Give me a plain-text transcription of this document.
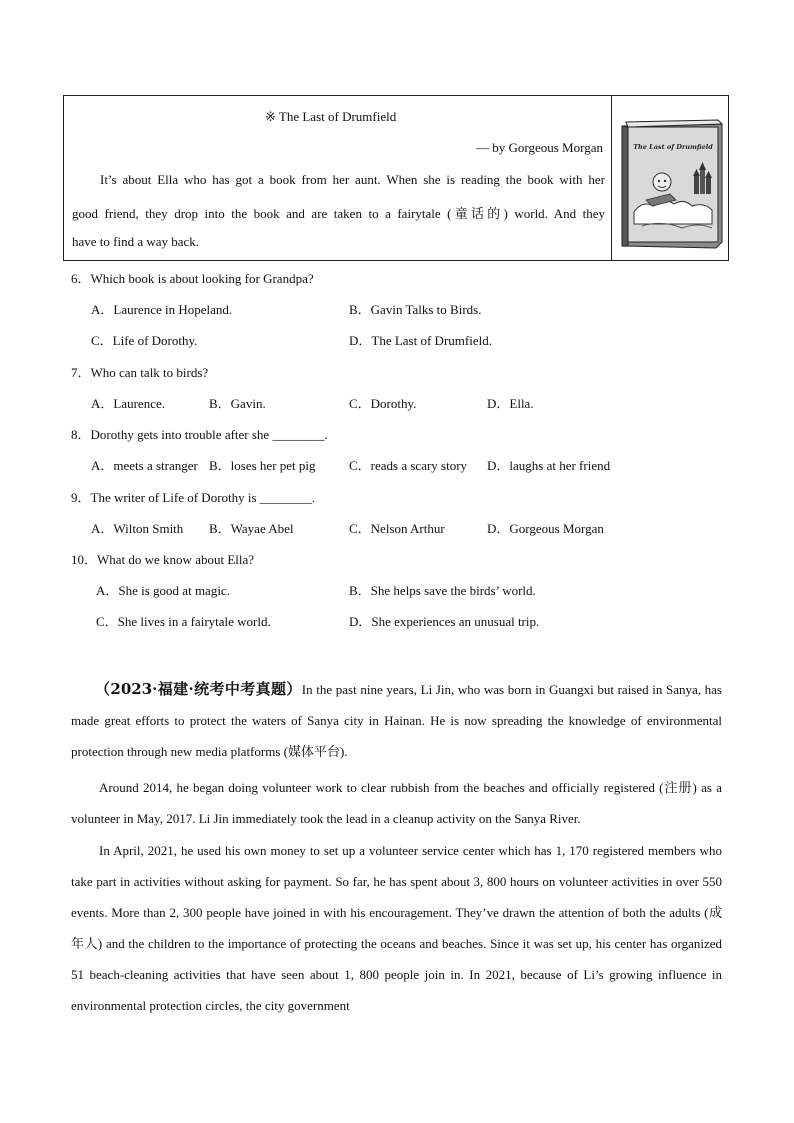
※ The Last of Drumfield
— by Gorgeous Morgan
It’s about Ella who has got a book from her aunt. When she is reading the book with her
good friend, they drop into the book and are taken to a fairytale (童话的) world. And they
have to find a way back.
The Last of Drumfield
6．Which book is about looking for Grandpa?
A．Laurence in Hopeland.	B．Gavin Talks to Birds.
C．Life of Dorothy.	D．The Last of Drumfield.
7．Who can talk to birds?
A．Laurence.	B．Gavin.	C．Dorothy.	D．Ella.
8．Dorothy gets into trouble after she ________.
A．meets a stranger B．loses her pet pig	C．reads a scary story D．laughs at her friend
9．The writer of Life of Dorothy is ________.
A．Wilton Smith B．Wayae Abel	C．Nelson Arthur	D．Gorgeous Morgan
10．What do we know about Ella?
A．She is good at magic.	B．She helps save the birds’ world.
C．She lives in a fairytale world.	D．She experiences an unusual trip.
（2023·福建·统考中考真题）In the past nine years, Li Jin, who was born in Guangxi but raised in Sanya, has made great efforts to protect the waters of Sanya city in Hainan. He is now spreading the knowledge of environmental protection through new media platforms (媒体平台).
Around 2014, he began doing volunteer work to clear rubbish from the beaches and officially registered (注册) as a volunteer in May, 2017. Li Jin immediately took the lead in a cleanup activity on the Sanya River.
In April, 2021, he used his own money to set up a volunteer service center which has 1, 170 registered members who take part in activities without asking for payment. So far, he has spent about 3, 800 hours on volunteer activities in over 550 events. More than 2, 300 people have joined in with his encouragement. They’ve drawn the attention of both the adults (成年人) and the children to the importance of protecting the oceans and beaches. Since it was set up, his center has organized 51 beach-cleaning activities that have seen about 1, 800 people join in. In 2021, because of Li’s growing influence in environmental protection circles, the city government
